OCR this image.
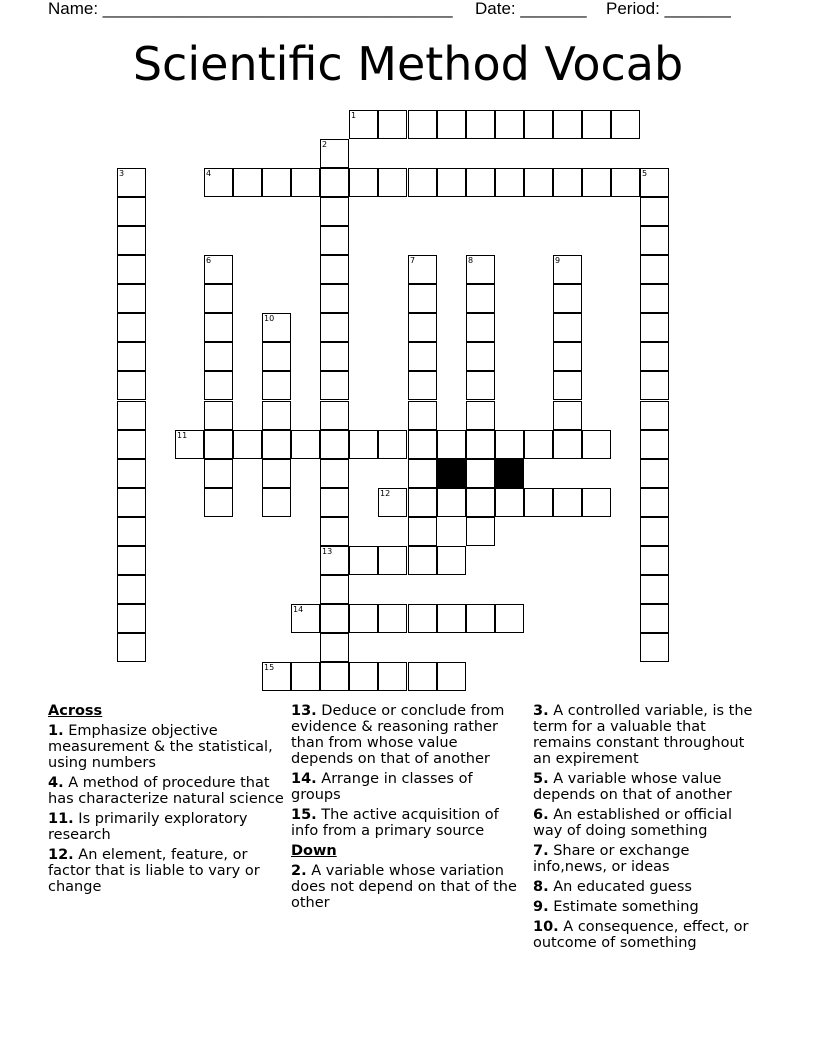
Name: _____________________________________ Date: _______ Period: _______
Scientific Method Vocab
1
4	5
11
12
13
14
15
2
3
6	7	8	9
10
Across

1. Emphasize objective measurement & the statistical, using numbers

4. A method of procedure that has characterize natural science

11. Is primarily exploratory research

12. An element, feature, or factor that is liable to vary or change

13. Deduce or conclude from evidence & reasoning rather than from whose value depends on that of another

14. Arrange in classes of groups

15. The active acquisition of info from a primary source

Down

2. A variable whose variation does not depend on that of the other

3. A controlled variable, is the term for a valuable that remains constant throughout an expirement

5. A variable whose value depends on that of another

6. An established or official way of doing something

7. Share or exchange info,news, or ideas

8. An educated guess

9. Estimate something

10. A consequence, effect, or outcome of something
